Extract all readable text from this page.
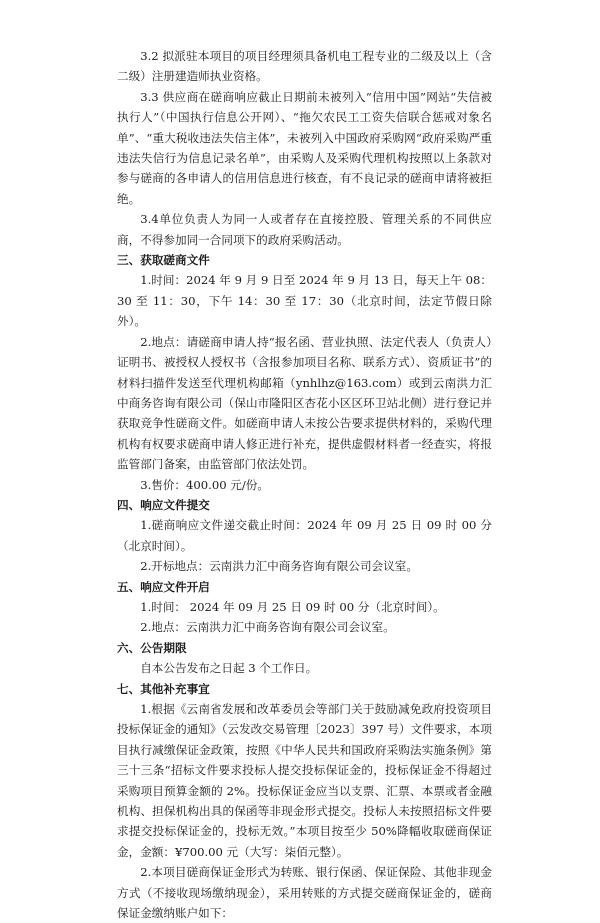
3.2 拟派驻本项目的项目经理须具备机电工程专业的二级及以上（含二级）注册建造师执业资格。

3.3 供应商在磋商响应截止日期前未被列入“信用中国”网站“失信被执行人”（中国执行信息公开网）、“拖欠农民工工资失信联合惩戒对象名单”、“重大税收违法失信主体”，未被列入中国政府采购网“政府采购严重违法失信行为信息记录名单”，由采购人及采购代理机构按照以上条款对参与磋商的各申请人的信用信息进行核查，有不良记录的磋商申请将被拒绝。

3.4单位负责人为同一人或者存在直接控股、管理关系的不同供应商，不得参加同一合同项下的政府采购活动。

三、获取磋商文件

1.时间：2024 年 9 月 9 日至 2024 年 9 月 13 日，每天上午 08：30 至 11：30，下午 14：30 至 17：30（北京时间，法定节假日除外）。

2.地点：请磋商申请人持“报名函、营业执照、法定代表人（负责人）证明书、被授权人授权书（含报参加项目名称、联系方式）、资质证书”的材料扫描件发送至代理机构邮箱（ynhlhz@163.com）或到云南洪力汇中商务咨询有限公司（保山市隆阳区杏花小区区环卫站北侧）进行登记并获取竞争性磋商文件。如磋商申请人未按公告要求提供材料的，采购代理机构有权要求磋商申请人修正进行补充，提供虚假材料者一经查实，将报监管部门备案，由监管部门依法处罚。

3.售价：400.00 元/份。

四、响应文件提交

1.磋商响应文件递交截止时间：2024 年 09 月 25 日 09 时 00 分（北京时间）。

2.开标地点：云南洪力汇中商务咨询有限公司会议室。

五、响应文件开启

1.时间： 2024 年 09 月 25 日 09 时 00 分（北京时间）。

2.地点：云南洪力汇中商务咨询有限公司会议室。

六、公告期限

自本公告发布之日起 3 个工作日。

七、其他补充事宜

1.根据《云南省发展和改革委员会等部门关于鼓励减免政府投资项目投标保证金的通知》（云发改交易管理〔2023〕397 号）文件要求，本项目执行减缴保证金政策，按照《中华人民共和国政府采购法实施条例》第三十三条“招标文件要求投标人提交投标保证金的，投标保证金不得超过采购项目预算金额的 2%。投标保证金应当以支票、汇票、本票或者金融机构、担保机构出具的保函等非现金形式提交。投标人未按照招标文件要求提交投标保证金的，投标无效。”本项目按至少 50%降幅收取磋商保证金，金额：¥700.00 元（大写：柒佰元整）。

2.本项目磋商保证金形式为转账、银行保函、保证保险、其他非现金方式（不接收现场缴纳现金），采用转账的方式提交磋商保证金的，磋商保证金缴纳账户如下：
